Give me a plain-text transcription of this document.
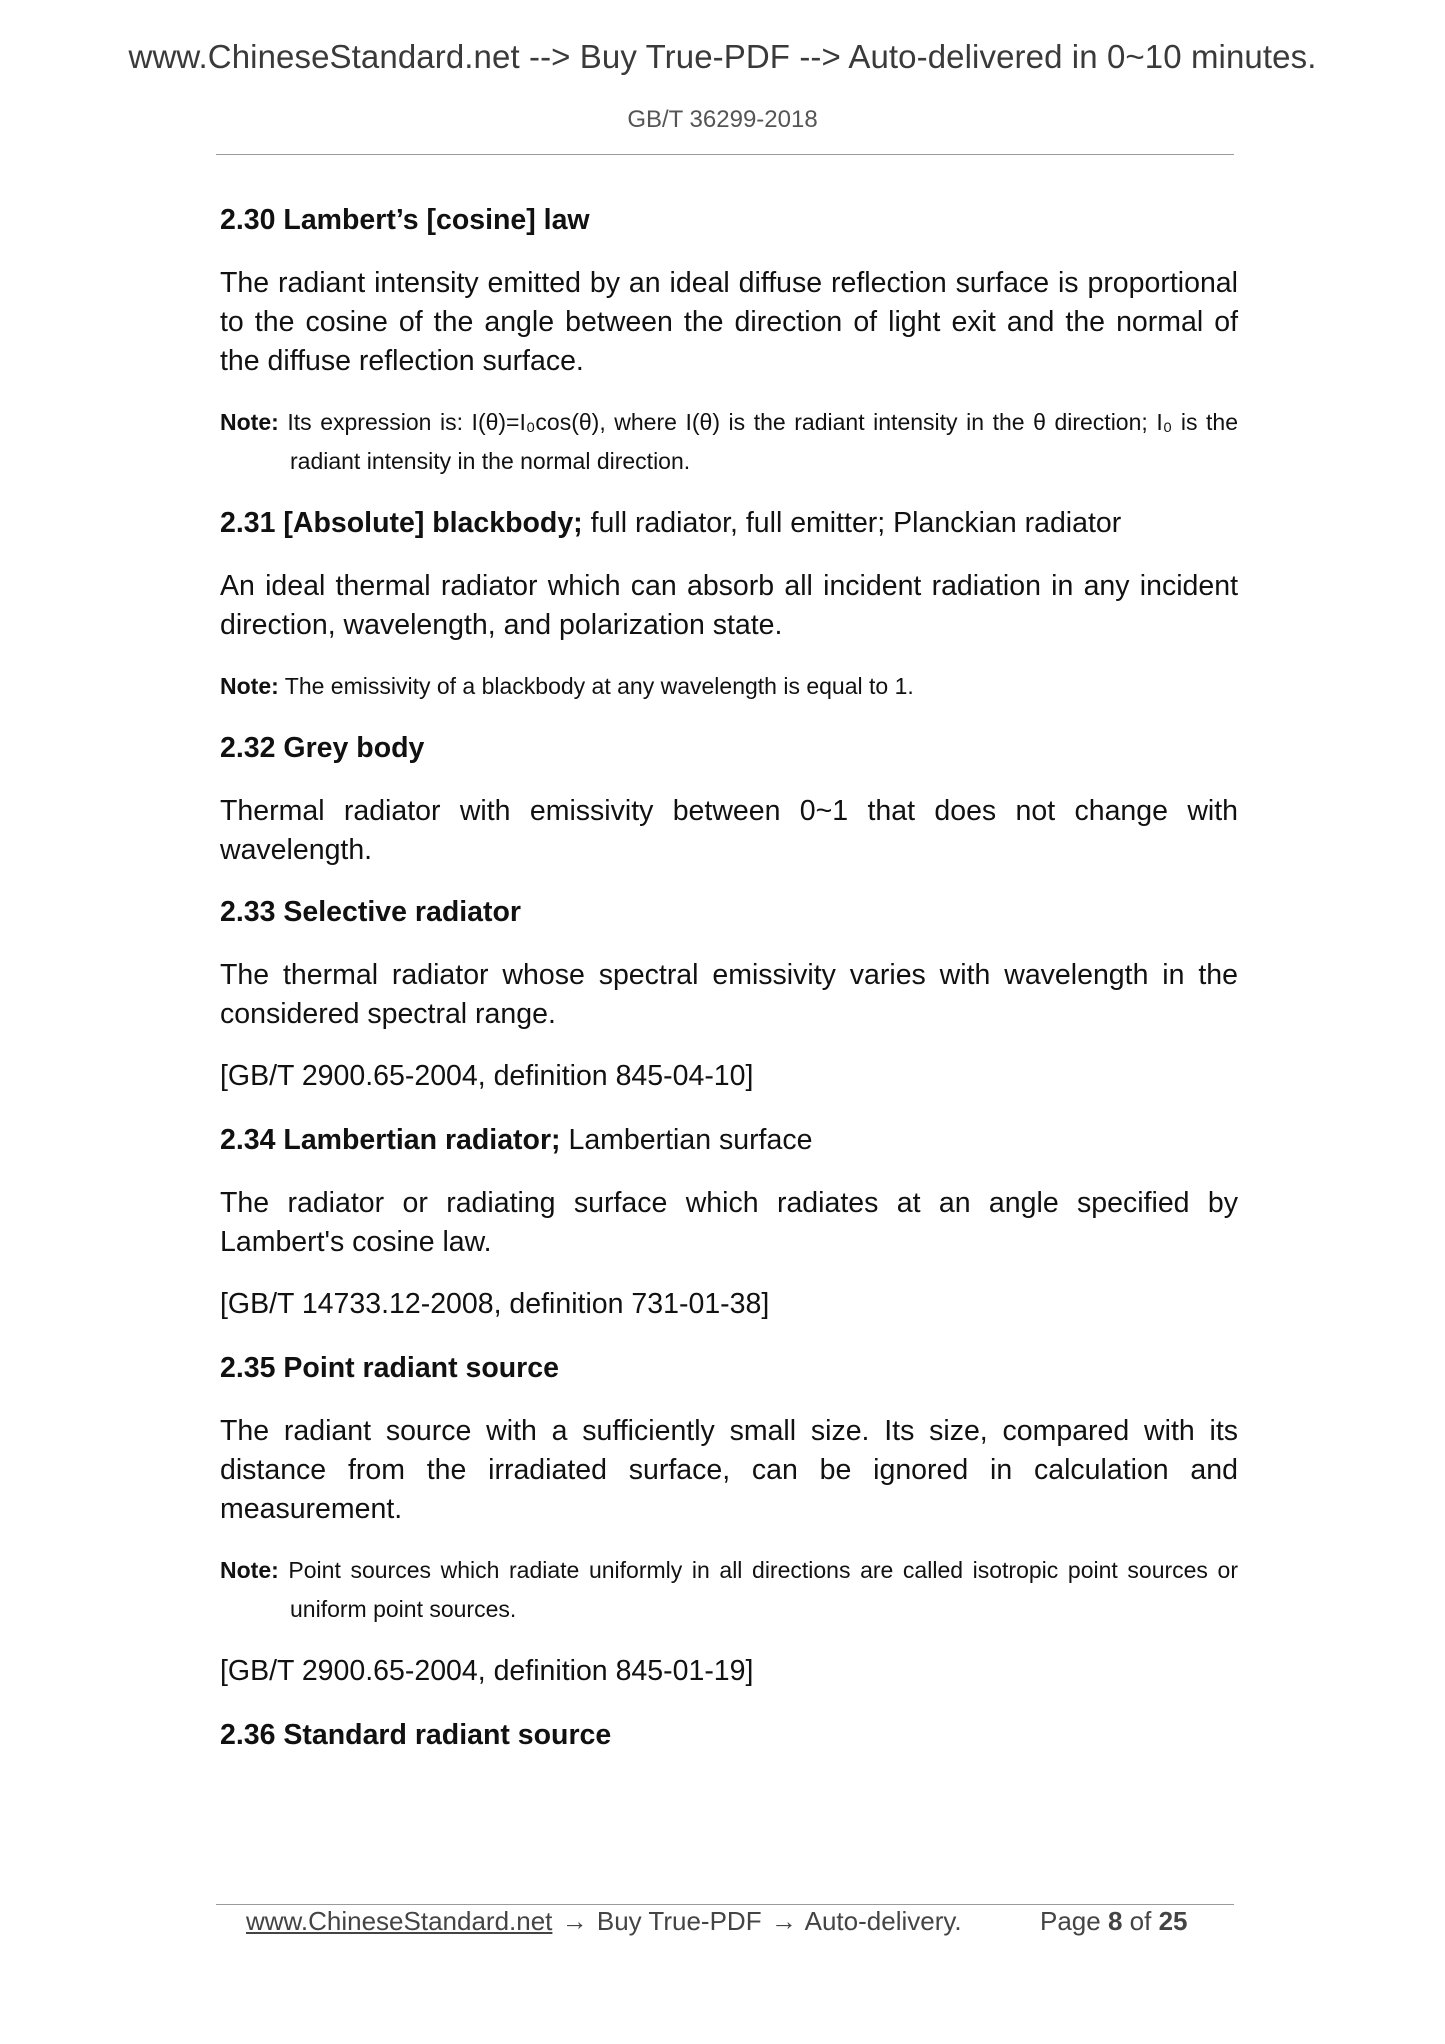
www.ChineseStandard.net --> Buy True-PDF --> Auto-delivered in 0~10 minutes.
GB/T 36299-2018
2.30 Lambert’s [cosine] law

The radiant intensity emitted by an ideal diffuse reflection surface is proportional to the cosine of the angle between the direction of light exit and the normal of the diffuse reflection surface.

Note: Its expression is: I(θ)=I₀cos(θ), where I(θ) is the radiant intensity in the θ direction; I₀ is the radiant intensity in the normal direction.

2.31 [Absolute] blackbody; full radiator, full emitter; Planckian radiator

An ideal thermal radiator which can absorb all incident radiation in any incident direction, wavelength, and polarization state.

Note: The emissivity of a blackbody at any wavelength is equal to 1.

2.32 Grey body

Thermal radiator with emissivity between 0~1 that does not change with wavelength.

2.33 Selective radiator

The thermal radiator whose spectral emissivity varies with wavelength in the considered spectral range.

[GB/T 2900.65-2004, definition 845-04-10]

2.34 Lambertian radiator; Lambertian surface

The radiator or radiating surface which radiates at an angle specified by Lambert's cosine law.

[GB/T 14733.12-2008, definition 731-01-38]

2.35 Point radiant source

The radiant source with a sufficiently small size. Its size, compared with its distance from the irradiated surface, can be ignored in calculation and measurement.

Note: Point sources which radiate uniformly in all directions are called isotropic point sources or uniform point sources.

[GB/T 2900.65-2004, definition 845-01-19]

2.36 Standard radiant source
www.ChineseStandard.net → Buy True-PDF → Auto-delivery.	Page 8 of 25
